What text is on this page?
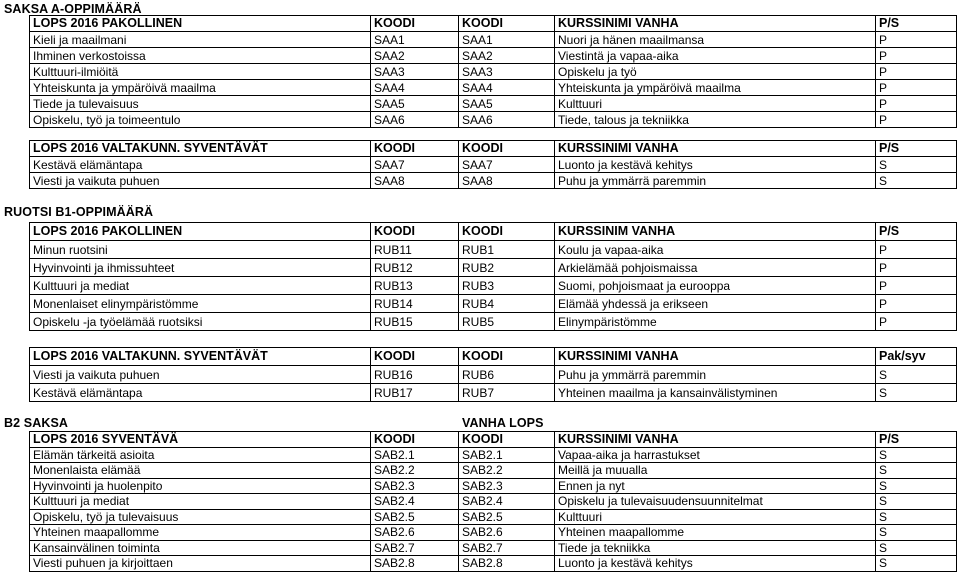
SAKSA A-OPPIMÄÄRÄ
LOPS 2016 PAKOLLINEN	KOODI	KOODI	KURSSINIMI VANHA	P/S
Kieli ja maailmani	SAA1	SAA1	Nuori ja hänen maailmansa	P
Ihminen verkostoissa	SAA2	SAA2	Viestintä ja vapaa-aika	P
Kulttuuri-ilmiöitä	SAA3	SAA3	Opiskelu ja työ	P
Yhteiskunta ja ympäröivä maailma	SAA4	SAA4	Yhteiskunta ja ympäröivä maailma	P
Tiede ja tulevaisuus	SAA5	SAA5	Kulttuuri	P
Opiskelu, työ ja toimeentulo	SAA6	SAA6	Tiede, talous ja tekniikka	P
LOPS 2016 VALTAKUNN. SYVENTÄVÄT	KOODI	KOODI	KURSSINIMI VANHA	P/S
Kestävä elämäntapa	SAA7	SAA7	Luonto ja kestävä kehitys	S
Viesti ja vaikuta puhuen	SAA8	SAA8	Puhu ja ymmärrä paremmin	S
RUOTSI B1-OPPIMÄÄRÄ
LOPS 2016 PAKOLLINEN	KOODI	KOODI	KURSSINIM VANHA	P/S
Minun ruotsini	RUB11	RUB1	Koulu ja vapaa-aika	P
Hyvinvointi ja ihmissuhteet	RUB12	RUB2	Arkielämää pohjoismaissa	P
Kulttuuri ja mediat	RUB13	RUB3	Suomi, pohjoismaat ja eurooppa	P
Monenlaiset elinympäristömme	RUB14	RUB4	Elämää yhdessä ja erikseen	P
Opiskelu -ja työelämää ruotsiksi	RUB15	RUB5	Elinympäristömme	P
LOPS 2016 VALTAKUNN. SYVENTÄVÄT	KOODI	KOODI	KURSSINIMI VANHA	Pak/syv
Viesti ja vaikuta puhuen	RUB16	RUB6	Puhu ja ymmärrä paremmin	S
Kestävä elämäntapa	RUB17	RUB7	Yhteinen maailma ja kansainvälistyminen	S
B2 SAKSA	VANHA LOPS
LOPS 2016 SYVENTÄVÄ	KOODI	KOODI	KURSSINIMI VANHA	P/S
Elämän tärkeitä asioita	SAB2.1	SAB2.1	Vapaa-aika ja harrastukset	S
Monenlaista elämää	SAB2.2	SAB2.2	Meillä ja muualla	S
Hyvinvointi ja huolenpito	SAB2.3	SAB2.3	Ennen ja nyt	S
Kulttuuri ja mediat	SAB2.4	SAB2.4	Opiskelu ja tulevaisuudensuunnitelmat	S
Opiskelu, työ ja tulevaisuus	SAB2.5	SAB2.5	Kulttuuri	S
Yhteinen maapallomme	SAB2.6	SAB2.6	Yhteinen maapallomme	S
Kansainvälinen toiminta	SAB2.7	SAB2.7	Tiede ja tekniikka	S
Viesti puhuen ja kirjoittaen	SAB2.8	SAB2.8	Luonto ja kestävä kehitys	S
